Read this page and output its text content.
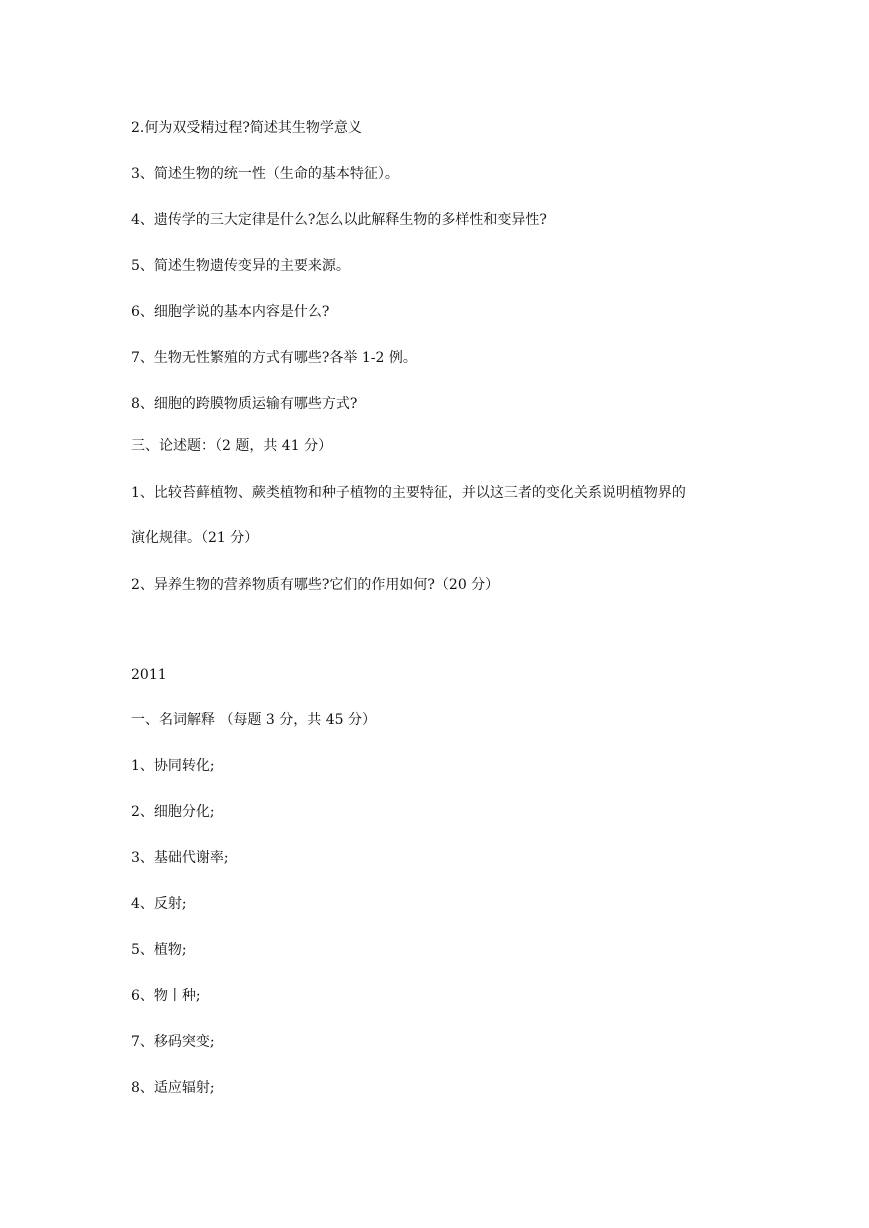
2.何为双受精过程?简述其生物学意义

3、简述生物的统一性（生命的基本特征）。

4、遗传学的三大定律是什么?怎么以此解释生物的多样性和变异性?

5、简述生物遗传变异的主要来源。

6、细胞学说的基本内容是什么?

7、生物无性繁殖的方式有哪些?各举 1-2 例。

8、细胞的跨膜物质运输有哪些方式?

三、论述题：（2 题，共 41 分）

1、比较苔藓植物、蕨类植物和种子植物的主要特征，并以这三者的变化关系说明植物界的

演化规律。（21 分）

2、异养生物的营养物质有哪些?它们的作用如何?（20 分）

2011

一、名词解释 （每题 3 分，共 45 分）

1、协同转化;

2、细胞分化;

3、基础代谢率;

4、反射;

5、植物;

6、物丨种;

7、移码突变;

8、适应辐射;
